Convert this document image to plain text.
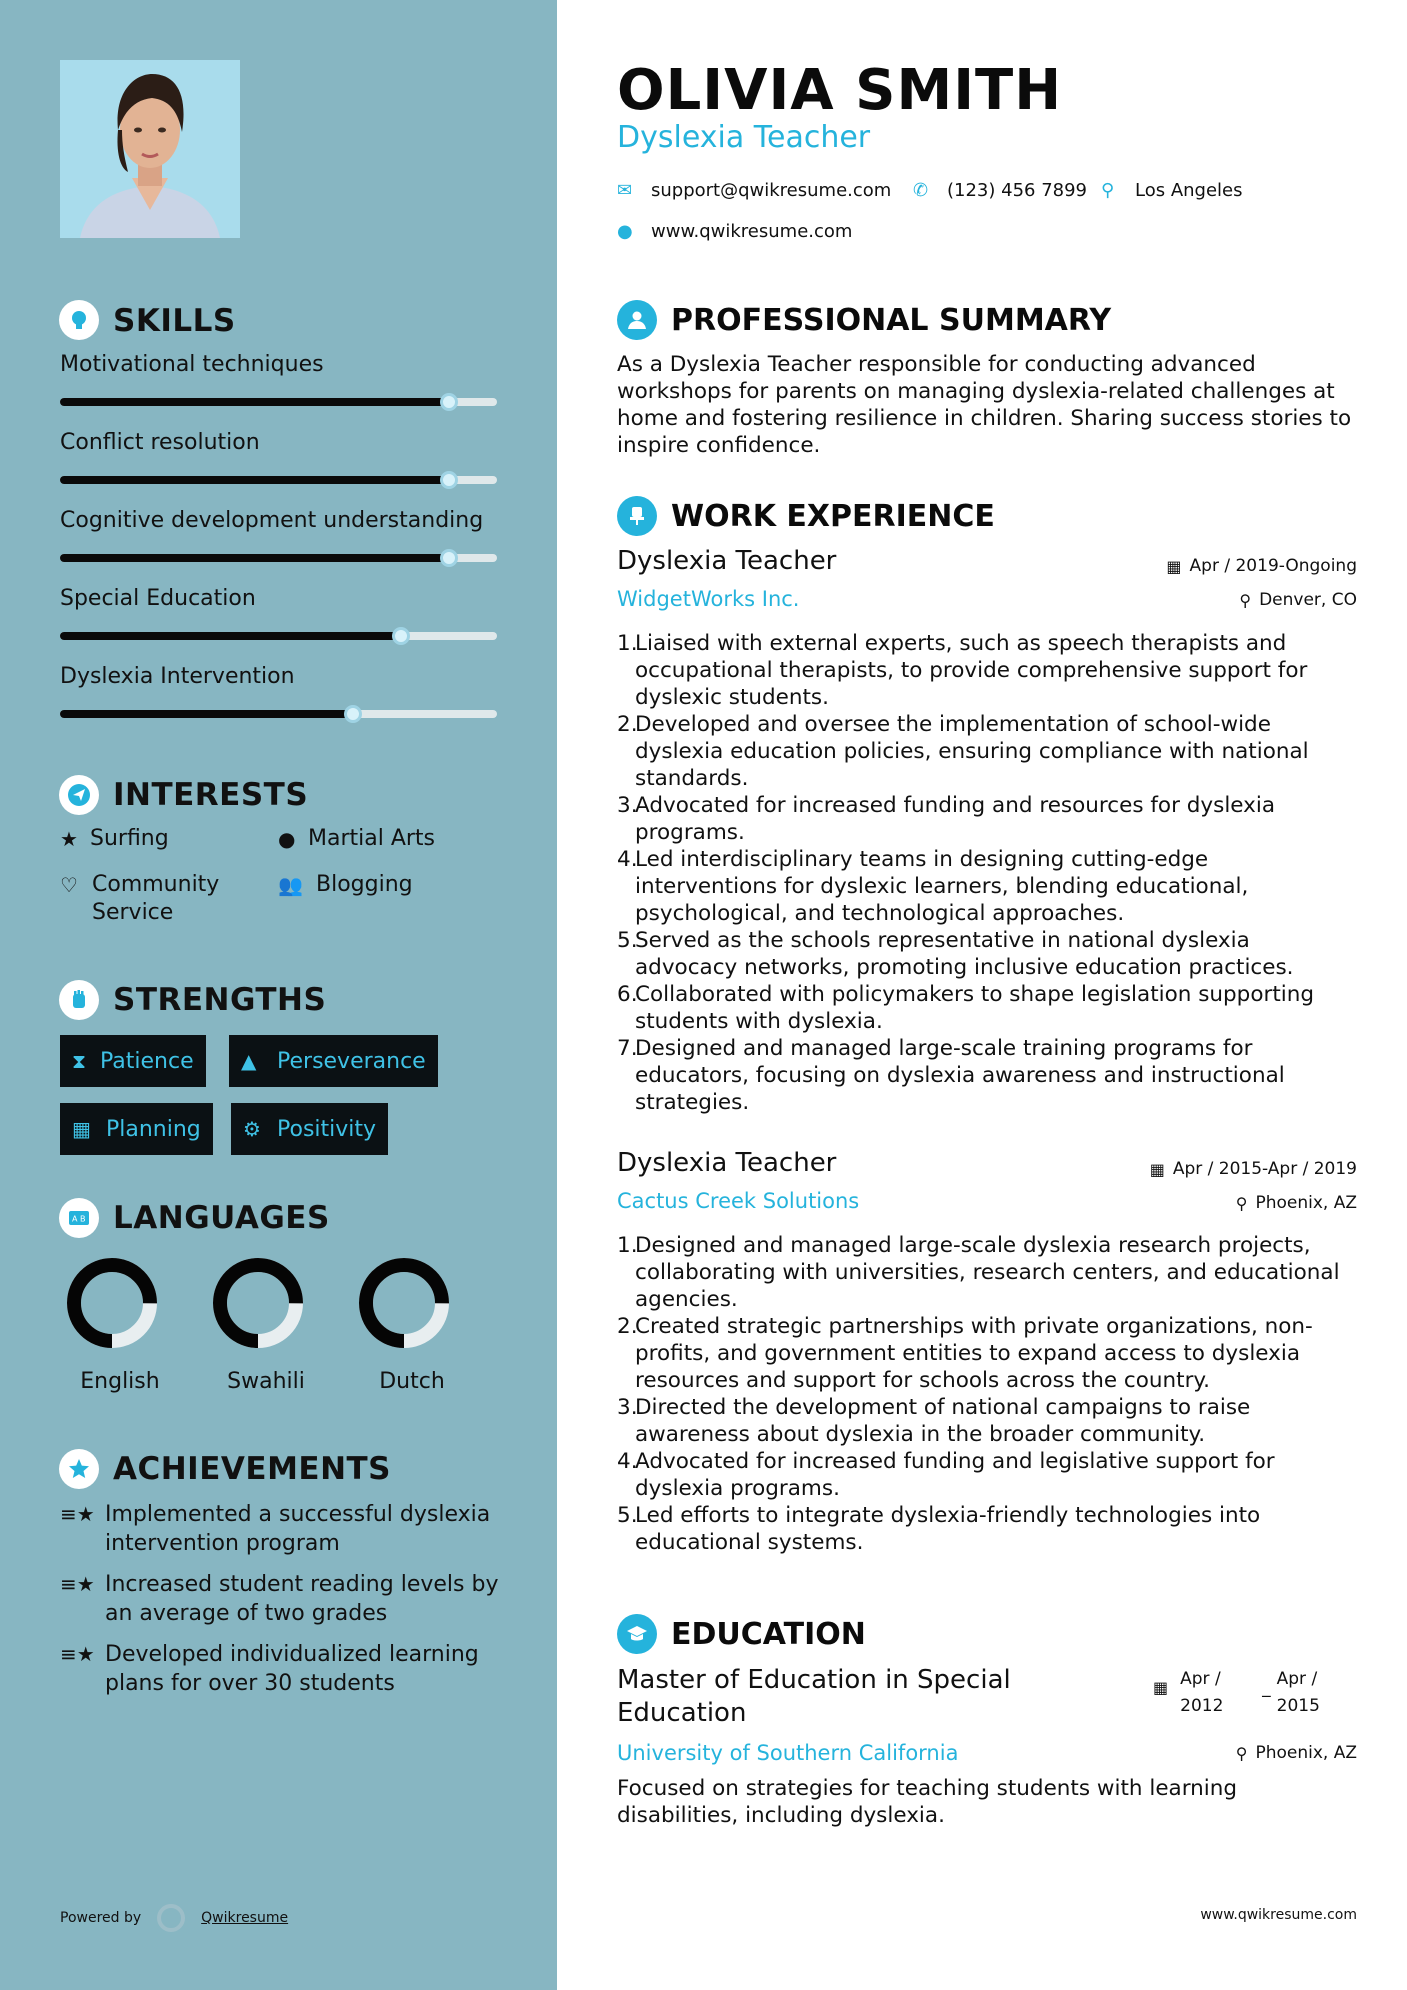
SKILLS
Motivational techniques
Conflict resolution
Cognitive development understanding
Special Education
Dyslexia Intervention
INTERESTS
★ Surfing	● Martial Arts
♡ Community Service
👥 Blogging
STRENGTHS
⧗ Patience ▲ Perseverance
▦ Planning ⚙ Positivity
A B LANGUAGES
English	Swahili	Dutch
ACHIEVEMENTS
≡★ Implemented a successful dyslexia intervention program
≡★ Increased student reading levels by an average of two grades
≡★ Developed individualized learning plans for over 30 students
Powered by	Qwikresume
OLIVIA SMITH
Dyslexia Teacher
✉	support@qwikresume.com ✆	(123) 456 7899 ⚲	Los Angeles
●	www.qwikresume.com
PROFESSIONAL SUMMARY
As a Dyslexia Teacher responsible for conducting advanced workshops for parents on managing dyslexia-related challenges at home and fostering resilience in children. Sharing success stories to inspire confidence.
WORK EXPERIENCE
Dyslexia Teacher	▦ Apr / 2019-Ongoing
WidgetWorks Inc.	⚲ Denver, CO
Liaised with external experts, such as speech therapists and occupational therapists, to provide comprehensive support for dyslexic students.
Developed and oversee the implementation of school-wide dyslexia education policies, ensuring compliance with national standards.
Advocated for increased funding and resources for dyslexia programs.
Led interdisciplinary teams in designing cutting-edge interventions for dyslexic learners, blending educational, psychological, and technological approaches.
Served as the schools representative in national dyslexia advocacy networks, promoting inclusive education practices.
Collaborated with policymakers to shape legislation supporting students with dyslexia.
Designed and managed large-scale training programs for educators, focusing on dyslexia awareness and instructional strategies.
Dyslexia Teacher	▦ Apr / 2015-Apr / 2019
Cactus Creek Solutions	⚲ Phoenix, AZ
Designed and managed large-scale dyslexia research projects, collaborating with universities, research centers, and educational agencies.
Created strategic partnerships with private organizations, non-profits, and government entities to expand access to dyslexia resources and support for schools across the country.
Directed the development of national campaigns to raise awareness about dyslexia in the broader community.
Advocated for increased funding and legislative support for dyslexia programs.
Led efforts to integrate dyslexia-friendly technologies into educational systems.
EDUCATION
Master of Education in Special Education
▦ Apr / 2012
_ Apr / 2015
University of Southern California	⚲ Phoenix, AZ
Focused on strategies for teaching students with learning disabilities, including dyslexia.
www.qwikresume.com
